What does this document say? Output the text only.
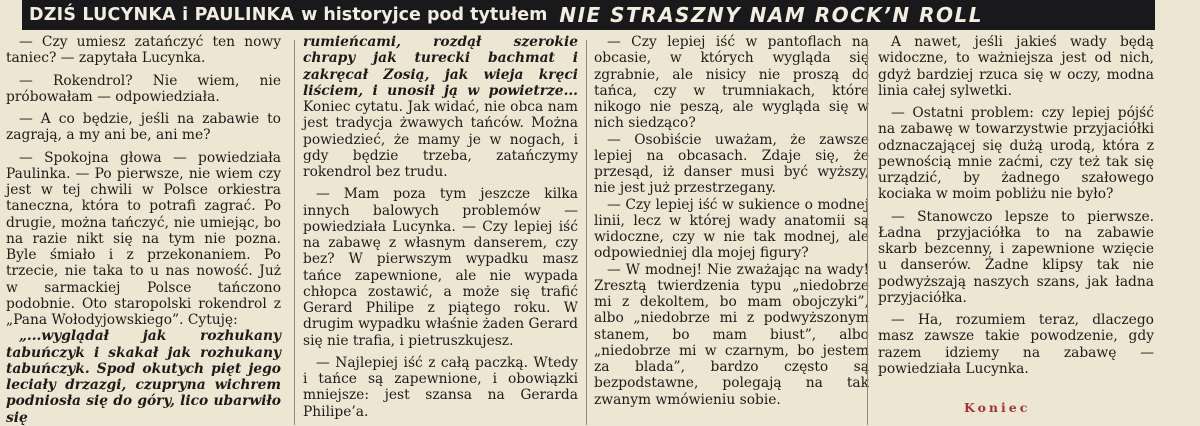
DZIŚ LUCYNKA i PAULINKA w historyjce pod tytułem NIE STRASZNY NAM ROCK’N ROLL

— Czy umiesz zatańczyć ten nowy taniec? — zapytała Lucynka.

— Rokendrol? Nie wiem, nie próbowałam — odpowiedziała.

— A co będzie, jeśli na zabawie to zagrają, a my ani be, ani me?

— Spokojna głowa — powiedziała Paulinka. — Po pierwsze, nie wiem czy jest w tej chwili w Polsce orkiestra taneczna, która to potrafi zagrać. Po drugie, można tańczyć, nie umiejąc, bo na razie nikt się na tym nie pozna. Byle śmiało i z przekonaniem. Po trzecie, nie taka to u nas nowość. Już w sarmackiej Polsce tańczono podobnie. Oto staropolski rokendrol z „Pana Wołodyjowskiego”. Cytuję:

„...wyglądał jak rozhukany tabuńczyk i skakał jak rozhukany tabuńczyk. Spod okutych pięt jego leciały drzazgi, czupryna wichrem podniosła się do góry, lico ubarwiło się

rumieńcami, rozdął szerokie chrapy jak turecki bachmat i zakręcał Zosią, jak wieja kręci liściem, i unosił ją w powietrze... Koniec cytatu. Jak widać, nie obca nam jest tradycja żwawych tańców. Można powiedzieć, że mamy je w nogach, i gdy będzie trzeba, zatańczymy rokendrol bez trudu.

— Mam poza tym jeszcze kilka innych balowych problemów — powiedziała Lucynka. — Czy lepiej iść na zabawę z własnym danserem, czy bez? W pierwszym wypadku masz tańce zapewnione, ale nie wypada chłopca zostawić, a może się trafić Gerard Philipe z piątego roku. W drugim wypadku właśnie żaden Gerard się nie trafia, i pietruszkujesz.

— Najlepiej iść z całą paczką. Wtedy i tańce są zapewnione, i obowiązki mniejsze: jest szansa na Gerarda Philipe’a.

— Czy lepiej iść w pantoflach na obcasie, w których wygląda się zgrabnie, ale nisicy nie proszą do tańca, czy w trumniakach, które nikogo nie peszą, ale wygląda się w nich siedząco?

— Osobiście uważam, że zawsze lepiej na obcasach. Zdaje się, że przesąd, iż danser musi być wyższy, nie jest już przestrzegany.

— Czy lepiej iść w sukience o modnej linii, lecz w której wady anatomii są widoczne, czy w nie tak modnej, ale odpowiedniej dla mojej figury?

— W modnej! Nie zważając na wady! Zresztą twierdzenia typu „niedobrze mi z dekoltem, bo mam obojczyki”, albo „niedobrze mi z podwyższonym stanem, bo mam biust”, albo „niedobrze mi w czarnym, bo jestem za blada”, bardzo często są bezpodstawne, polegają na tak zwanym wmówieniu sobie.

A nawet, jeśli jakieś wady będą widoczne, to ważniejsza jest od nich, gdyż bardziej rzuca się w oczy, modna linia całej sylwetki.

— Ostatni problem: czy lepiej pójść na zabawę w towarzystwie przyjaciółki odznaczającej się dużą urodą, która z pewnością mnie zaćmi, czy też tak się urządzić, by żadnego szałowego kociaka w moim pobliżu nie było?

— Stanowczo lepsze to pierwsze. Ładna przyjaciółka to na zabawie skarb bezcenny, i zapewnione wzięcie u danserów. Żadne klipsy tak nie podwyższają naszych szans, jak ładna przyjaciółka.

— Ha, rozumiem teraz, dlaczego masz zawsze takie powodzenie, gdy razem idziemy na zabawę — powiedziała Lucynka.

Koniec
